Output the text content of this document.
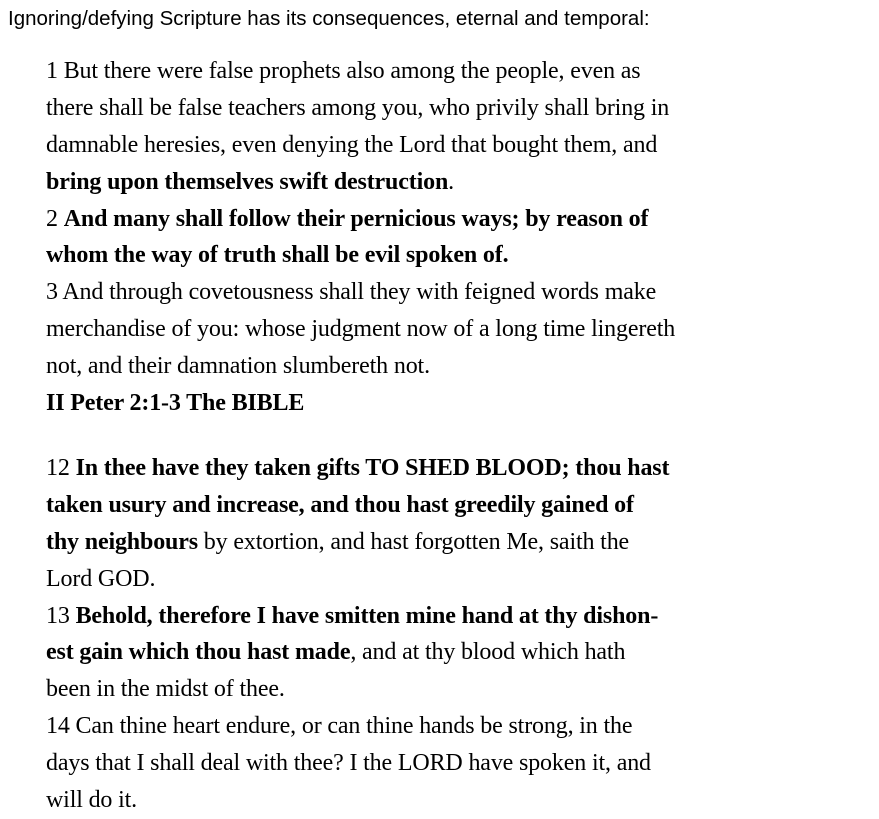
Ignoring/defying Scripture has its consequences, eternal and temporal:

1 But there were false prophets also among the people, even as
there shall be false teachers among you, who privily shall bring in
damnable heresies, even denying the Lord that bought them, and
bring upon themselves swift destruction.
2 And many shall follow their pernicious ways; by reason of
whom the way of truth shall be evil spoken of.
3 And through covetousness shall they with feigned words make
merchandise of you: whose judgment now of a long time lingereth
not, and their damnation slumbereth not.
II Peter 2:1-3 The BIBLE
12 In thee have they taken gifts TO SHED BLOOD; thou hast
taken usury and increase, and thou hast greedily gained of
thy neighbours by extortion, and hast forgotten Me, saith the
Lord GOD.
13 Behold, therefore I have smitten mine hand at thy dishon-
est gain which thou hast made, and at thy blood which hath
been in the midst of thee.
14 Can thine heart endure, or can thine hands be strong, in the
days that I shall deal with thee? I the LORD have spoken it, and
will do it.
